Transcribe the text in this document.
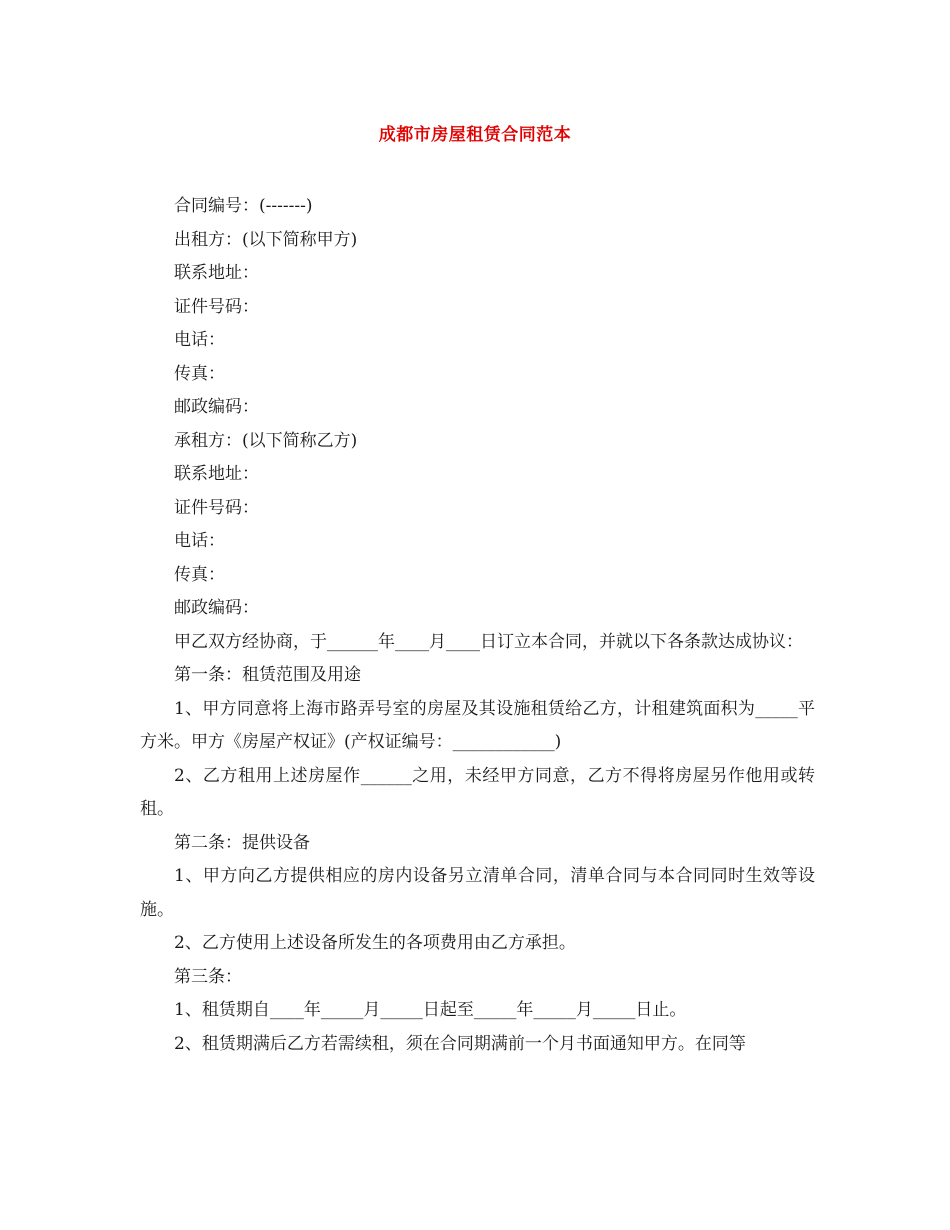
成都市房屋租赁合同范本

合同编号：(-------)

出租方：(以下简称甲方)

联系地址：

证件号码：

电话：

传真：

邮政编码：

承租方：(以下简称乙方)

联系地址：

证件号码：

电话：

传真：

邮政编码：

甲乙双方经协商，于______年____月____日订立本合同，并就以下各条款达成协议：

第一条：租赁范围及用途

1、甲方同意将上海市路弄号室的房屋及其设施租赁给乙方，计租建筑面积为_____平方米。甲方《房屋产权证》(产权证编号：____________)

2、乙方租用上述房屋作______之用，未经甲方同意，乙方不得将房屋另作他用或转租。

第二条：提供设备

1、甲方向乙方提供相应的房内设备另立清单合同，清单合同与本合同同时生效等设施。

2、乙方使用上述设备所发生的各项费用由乙方承担。

第三条：

1、租赁期自____年_____月_____日起至_____年_____月_____日止。

2、租赁期满后乙方若需续租，须在合同期满前一个月书面通知甲方。在同等
